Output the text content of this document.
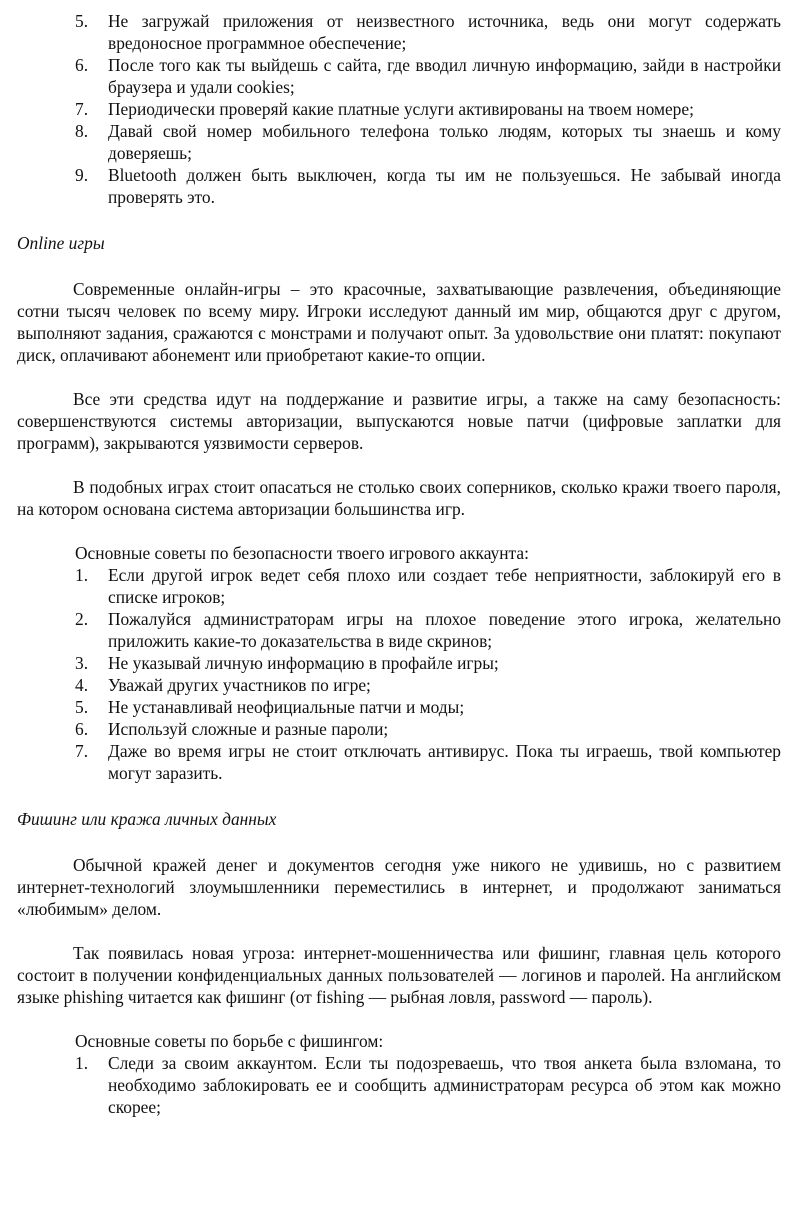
5.	Не загружай приложения от неизвестного источника, ведь они могут содержать вредоносное программное обеспечение;
6.	После того как ты выйдешь с сайта, где вводил личную информацию, зайди в настройки браузера и удали cookies;
7.	Периодически проверяй какие платные услуги активированы на твоем номере;
8.	Давай свой номер мобильного телефона только людям, которых ты знаешь и кому доверяешь;
9.	Bluetooth должен быть выключен, когда ты им не пользуешься. Не забывай иногда проверять это.
Online игры

Современные онлайн-игры – это красочные, захватывающие развлечения, объединяющие сотни тысяч человек по всему миру. Игроки исследуют данный им мир, общаются друг с другом, выполняют задания, сражаются с монстрами и получают опыт. За удовольствие они платят: покупают диск, оплачивают абонемент или приобретают какие-то опции.

Все эти средства идут на поддержание и развитие игры, а также на саму безопасность: совершенствуются системы авторизации, выпускаются новые патчи (цифровые заплатки для программ), закрываются уязвимости серверов.

В подобных играх стоит опасаться не столько своих соперников, сколько кражи твоего пароля, на котором основана система авторизации большинства игр.

Основные советы по безопасности твоего игрового аккаунта:

1.	Если другой игрок ведет себя плохо или создает тебе неприятности, заблокируй его в списке игроков;
2.	Пожалуйся администраторам игры на плохое поведение этого игрока, желательно приложить какие-то доказательства в виде скринов;
3.	Не указывай личную информацию в профайле игры;
4.	Уважай других участников по игре;
5.	Не устанавливай неофициальные патчи и моды;
6.	Используй сложные и разные пароли;
7.	Даже во время игры не стоит отключать антивирус. Пока ты играешь, твой компьютер могут заразить.
Фишинг или кража личных данных

Обычной кражей денег и документов сегодня уже никого не удивишь, но с развитием интернет-технологий злоумышленники переместились в интернет, и продолжают заниматься «любимым» делом.

Так появилась новая угроза: интернет-мошенничества или фишинг, главная цель которого состоит в получении конфиденциальных данных пользователей — логинов и паролей. На английском языке phishing читается как фишинг (от fishing — рыбная ловля, password — пароль).

Основные советы по борьбе с фишингом:

1.	Следи за своим аккаунтом. Если ты подозреваешь, что твоя анкета была взломана, то необходимо заблокировать ее и сообщить администраторам ресурса об этом как можно скорее;
